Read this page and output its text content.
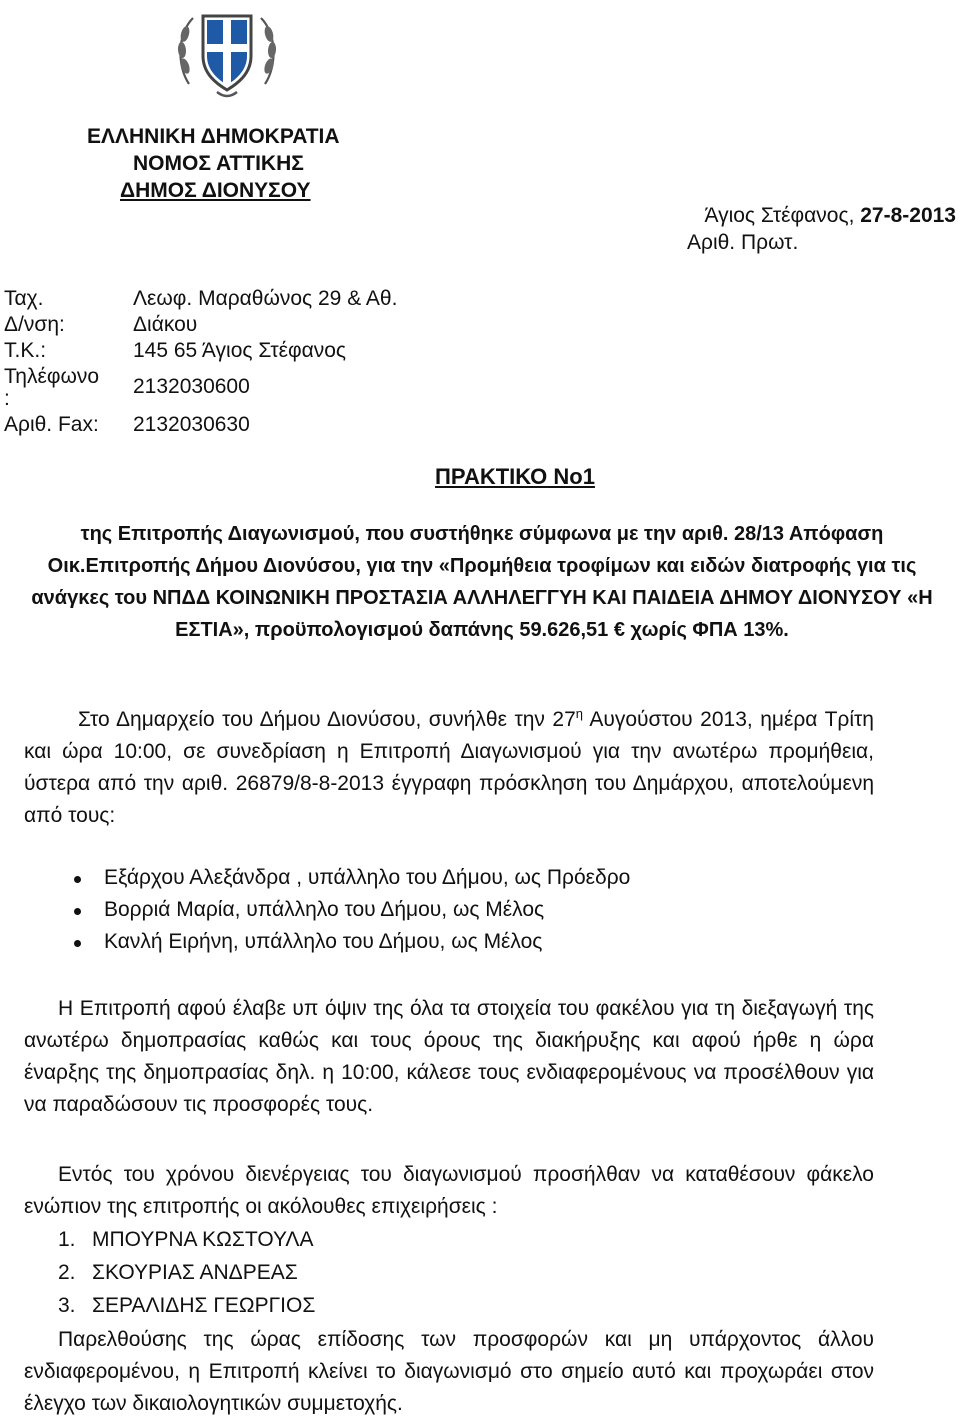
ΕΛΛΗΝΙΚΗ ΔΗΜΟΚΡΑΤΙΑ
ΝΟΜΟΣ ΑΤΤΙΚΗΣ
ΔΗΜΟΣ ΔΙΟΝΥΣΟΥ
Άγιος Στέφανος, 27-8-2013
Αριθ. Πρωτ.
Ταχ.
Δ/νση:
Λεωφ. Μαραθώνος 29 & Αθ.
Διάκου
Τ.Κ.:	145 65 Άγιος Στέφανος
Τηλέφωνο
:
2132030600
Αριθ. Fax: 2132030630
ΠΡΑΚΤΙΚΟ Νο1

της Επιτροπής Διαγωνισμού, που συστήθηκε σύμφωνα με την αριθ. 28/13 Απόφαση Οικ.Επιτροπής Δήμου Διονύσου, για την «Προμήθεια τροφίμων και ειδών διατροφής για τις ανάγκες του ΝΠΔΔ ΚΟΙΝΩΝΙΚΗ ΠΡΟΣΤΑΣΙΑ ΑΛΛΗΛΕΓΓΥΗ ΚΑΙ ΠΑΙΔΕΙΑ ΔΗΜΟΥ ΔΙΟΝΥΣΟΥ «Η ΕΣΤΙΑ», προϋπολογισμού δαπάνης 59.626,51 € χωρίς ΦΠΑ 13%.

Στο Δημαρχείο του Δήμου Διονύσου, συνήλθε την $27^\eta$ Αυγούστου 2013, ημέρα Τρίτη και ώρα 10:00, σε συνεδρίαση η Επιτροπή Διαγωνισμού για την ανωτέρω προμήθεια, ύστερα από την αριθ. 26879/8-8-2013 έγγραφη πρόσκληση του Δημάρχου, αποτελούμενη από τους:

Εξάρχου Αλεξάνδρα , υπάλληλο του Δήμου, ως Πρόεδρο
Βορριά Μαρία, υπάλληλο του Δήμου, ως Μέλος
Κανλή Ειρήνη, υπάλληλο του Δήμου, ως Μέλος

Η Επιτροπή αφού έλαβε υπ όψιν της όλα τα στοιχεία του φακέλου για τη διεξαγωγή της ανωτέρω δημοπρασίας καθώς και τους όρους της διακήρυξης και αφού ήρθε η ώρα έναρξης της δημοπρασίας δηλ. η 10:00, κάλεσε τους ενδιαφερομένους να προσέλθουν για να παραδώσουν τις προσφορές τους.

Εντός του χρόνου διενέργειας του διαγωνισμού προσήλθαν να καταθέσουν φάκελο ενώπιον της επιτροπής οι ακόλουθες επιχειρήσεις :

1. ΜΠΟΥΡΝΑ ΚΩΣΤΟΥΛΑ
2. ΣΚΟΥΡΙΑΣ ΑΝΔΡΕΑΣ
3. ΣΕΡΑΛΙΔΗΣ ΓΕΩΡΓΙΟΣ

Παρελθούσης της ώρας επίδοσης των προσφορών και μη υπάρχοντος άλλου ενδιαφερομένου, η Επιτροπή κλείνει το διαγωνισμό στο σημείο αυτό και προχωράει στον έλεγχο των δικαιολογητικών συμμετοχής.
